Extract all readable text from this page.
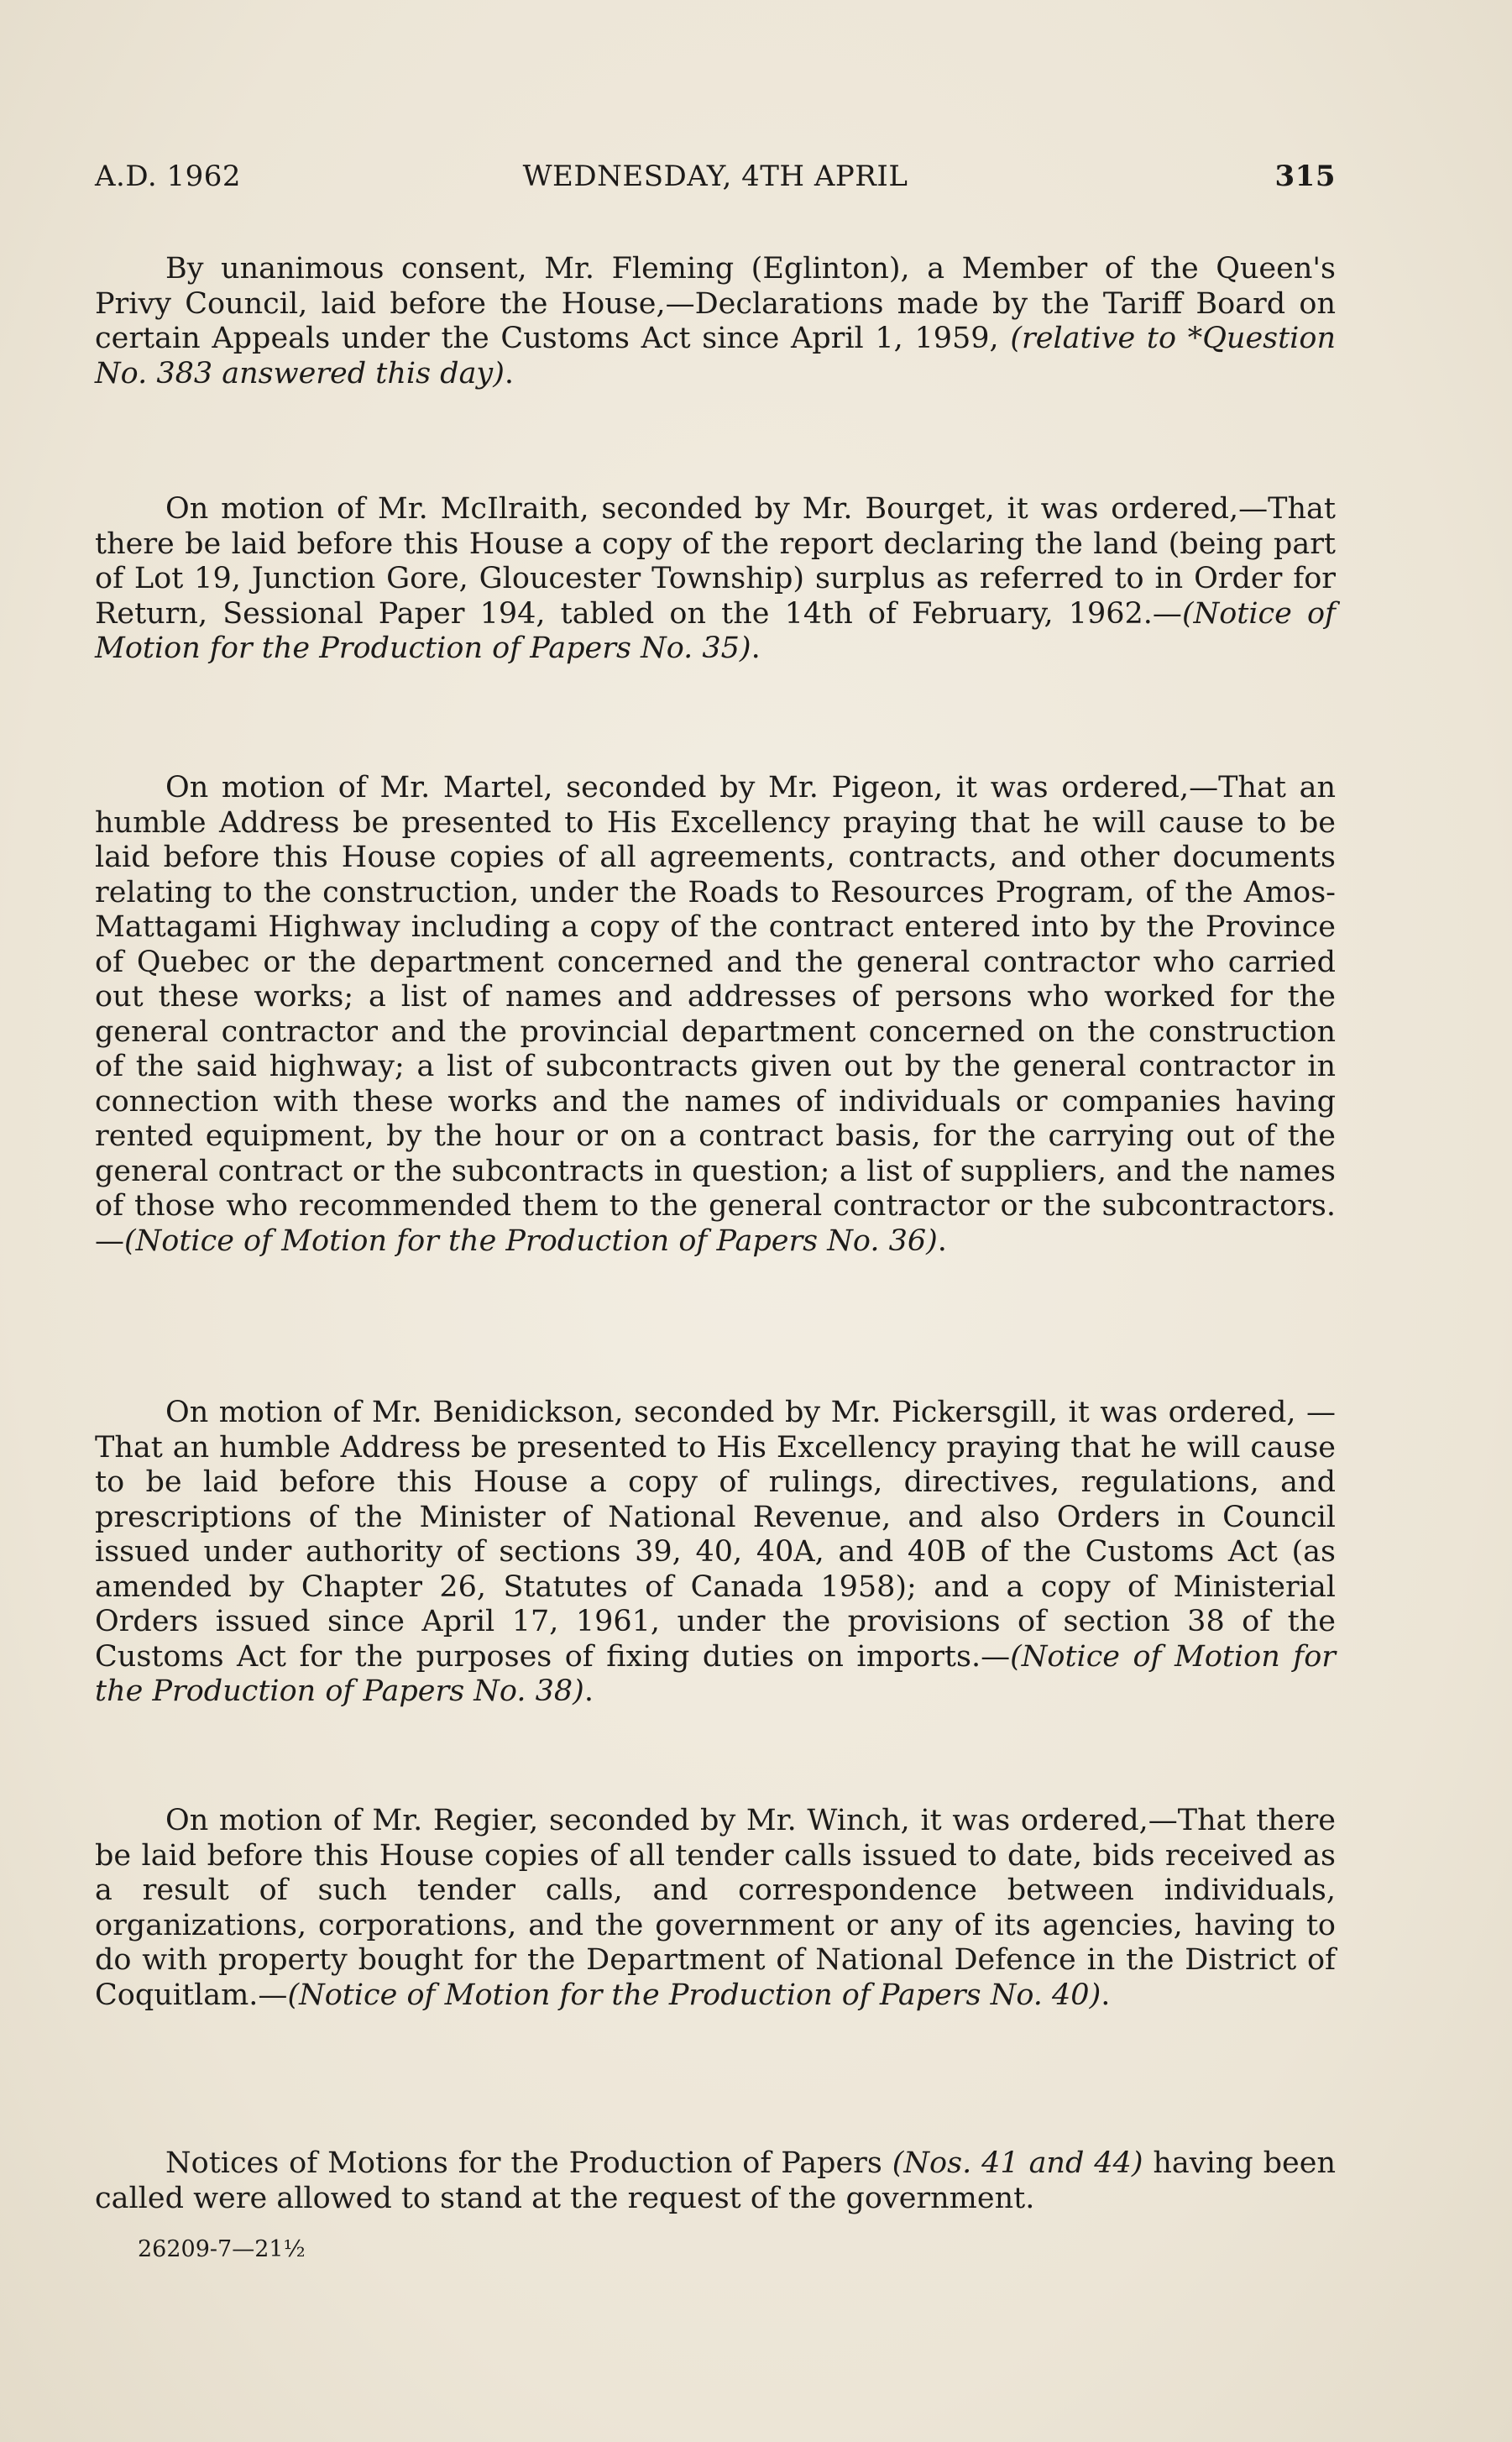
A.D. 1962	WEDNESDAY, 4TH APRIL	315
By unanimous consent, Mr. Fleming (Eglinton), a Member of the Queen's Privy Council, laid before the House,—Declarations made by the Tariff Board on certain Appeals under the Customs Act since April 1, 1959, (relative to *Question No. 383 answered this day).
On motion of Mr. McIlraith, seconded by Mr. Bourget, it was ordered,—That there be laid before this House a copy of the report declaring the land (being part of Lot 19, Junction Gore, Gloucester Township) surplus as referred to in Order for Return, Sessional Paper 194, tabled on the 14th of February, 1962.—(Notice of Motion for the Production of Papers No. 35).
On motion of Mr. Martel, seconded by Mr. Pigeon, it was ordered,—That an humble Address be presented to His Excellency praying that he will cause to be laid before this House copies of all agreements, contracts, and other documents relating to the construction, under the Roads to Resources Program, of the Amos-Mattagami Highway including a copy of the contract entered into by the Province of Quebec or the department concerned and the general contractor who carried out these works; a list of names and addresses of persons who worked for the general contractor and the provincial department concerned on the construction of the said highway; a list of subcontracts given out by the general contractor in connection with these works and the names of individuals or companies having rented equipment, by the hour or on a contract basis, for the carrying out of the general contract or the subcontracts in question; a list of suppliers, and the names of those who recommended them to the general contractor or the subcontractors.—(Notice of Motion for the Production of Papers No. 36).
On motion of Mr. Benidickson, seconded by Mr. Pickersgill, it was ordered, —That an humble Address be presented to His Excellency praying that he will cause to be laid before this House a copy of rulings, directives, regulations, and prescriptions of the Minister of National Revenue, and also Orders in Council issued under authority of sections 39, 40, 40A, and 40B of the Customs Act (as amended by Chapter 26, Statutes of Canada 1958); and a copy of Ministerial Orders issued since April 17, 1961, under the provisions of section 38 of the Customs Act for the purposes of fixing duties on imports.—(Notice of Motion for the Production of Papers No. 38).
On motion of Mr. Regier, seconded by Mr. Winch, it was ordered,—That there be laid before this House copies of all tender calls issued to date, bids received as a result of such tender calls, and correspondence between individuals, organizations, corporations, and the government or any of its agencies, having to do with property bought for the Department of National Defence in the District of Coquitlam.—(Notice of Motion for the Production of Papers No. 40).
Notices of Motions for the Production of Papers (Nos. 41 and 44) having been called were allowed to stand at the request of the government.
26209-7—21½
